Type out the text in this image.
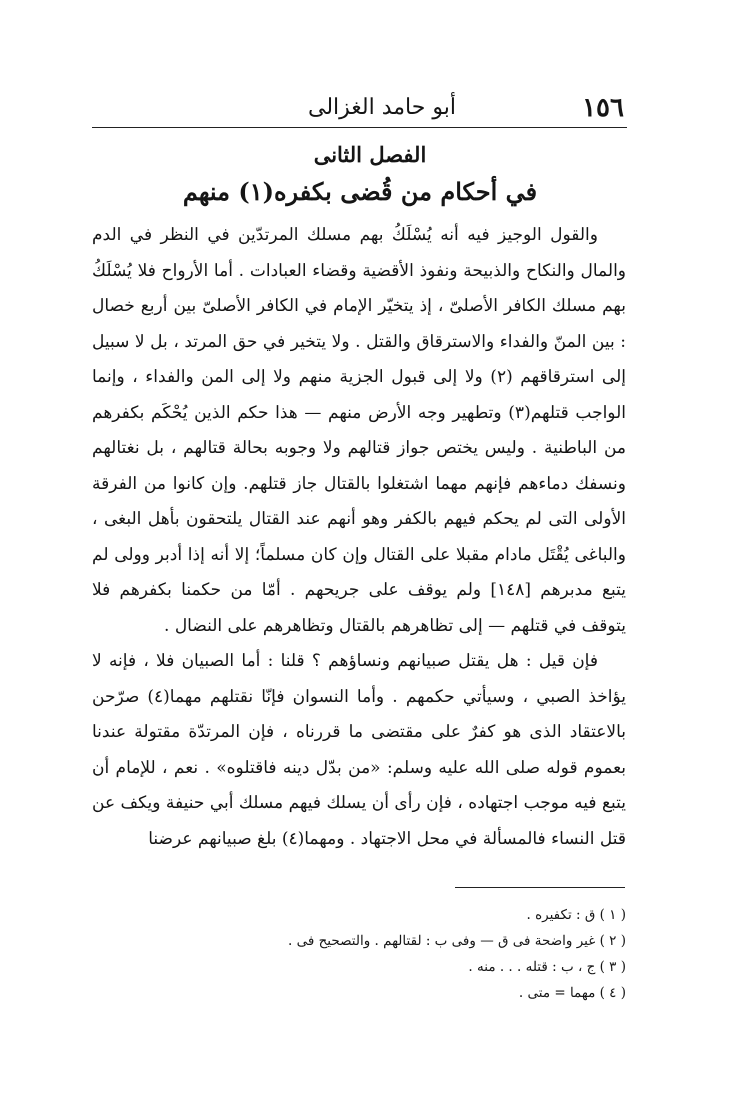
١٥٦
أبو حامد الغزالى
الفصل الثانى
في أحكام من قُضى بكفره(١) منهم

والقول الوجيز فيه أنه يُسْلَكُ بهم مسلك المرتدّين في النظر في الدم والمال والنكاح والذبيحة ونفوذ الأقضية وقضاء العبادات . أما الأرواح فلا يُسْلَكُ بهم مسلك الكافر الأصلىّ ، إذ يتخيّر الإمام في الكافر الأصلىّ بين أربع خصال : بين المنّ والفداء والاسترقاق والقتل . ولا يتخير في حق المرتد ، بل لا سبيل إلى استرقاقهم (٢) ولا إلى قبول الجزية منهم ولا إلى المن والفداء ، وإنما الواجب قتلهم(٣) وتطهير وجه الأرض منهم — هذا حكم الذين يُحْكَم بكفرهم من الباطنية . وليس يختص جواز قتالهم ولا وجوبه بحالة قتالهم ، بل نغتالهم ونسفك دماءهم فإنهم مهما اشتغلوا بالقتال جاز قتلهم. وإن كانوا من الفرقة الأولى التى لم يحكم فيهم بالكفر وهو أنهم عند القتال يلتحقون بأهل البغى ، والباغى يُقْتَل مادام مقبلا على القتال وإن كان مسلماً؛ إلا أنه إذا أدبر وولى لم يتبع مدبرهم [١٤٨] ولم يوقف على جريحهم . أمّا من حكمنا بكفرهم فلا يتوقف في قتلهم — إلى تظاهرهم بالقتال وتظاهرهم على النضال .

فإن قيل : هل يقتل صبيانهم ونساؤهم ؟ قلنا : أما الصبيان فلا ، فإنه لا يؤاخذ الصبي ، وسيأتي حكمهم . وأما النسوان فإنّا نقتلهم مهما(٤) صرّحن بالاعتقاد الذى هو كفرٌ على مقتضى ما قررناه ، فإن المرتدّة مقتولة عندنا بعموم قوله صلى الله عليه وسلم: «من بدّل دينه فاقتلوه» . نعم ، للإمام أن يتبع فيه موجب اجتهاده ، فإن رأى أن يسلك فيهم مسلك أبي حنيفة ويكف عن قتل النساء فالمسألة في محل الاجتهاد . ومهما(٤) بلغ صبيانهم عرضنا

( ١ ) ق : تكفيره .
( ٢ ) غير واضحة فى ق — وفى ب : لقتالهم . والتصحيح فى .
( ٣ ) ج ، ب : قتله . . . منه .
( ٤ ) مهما = متى .
